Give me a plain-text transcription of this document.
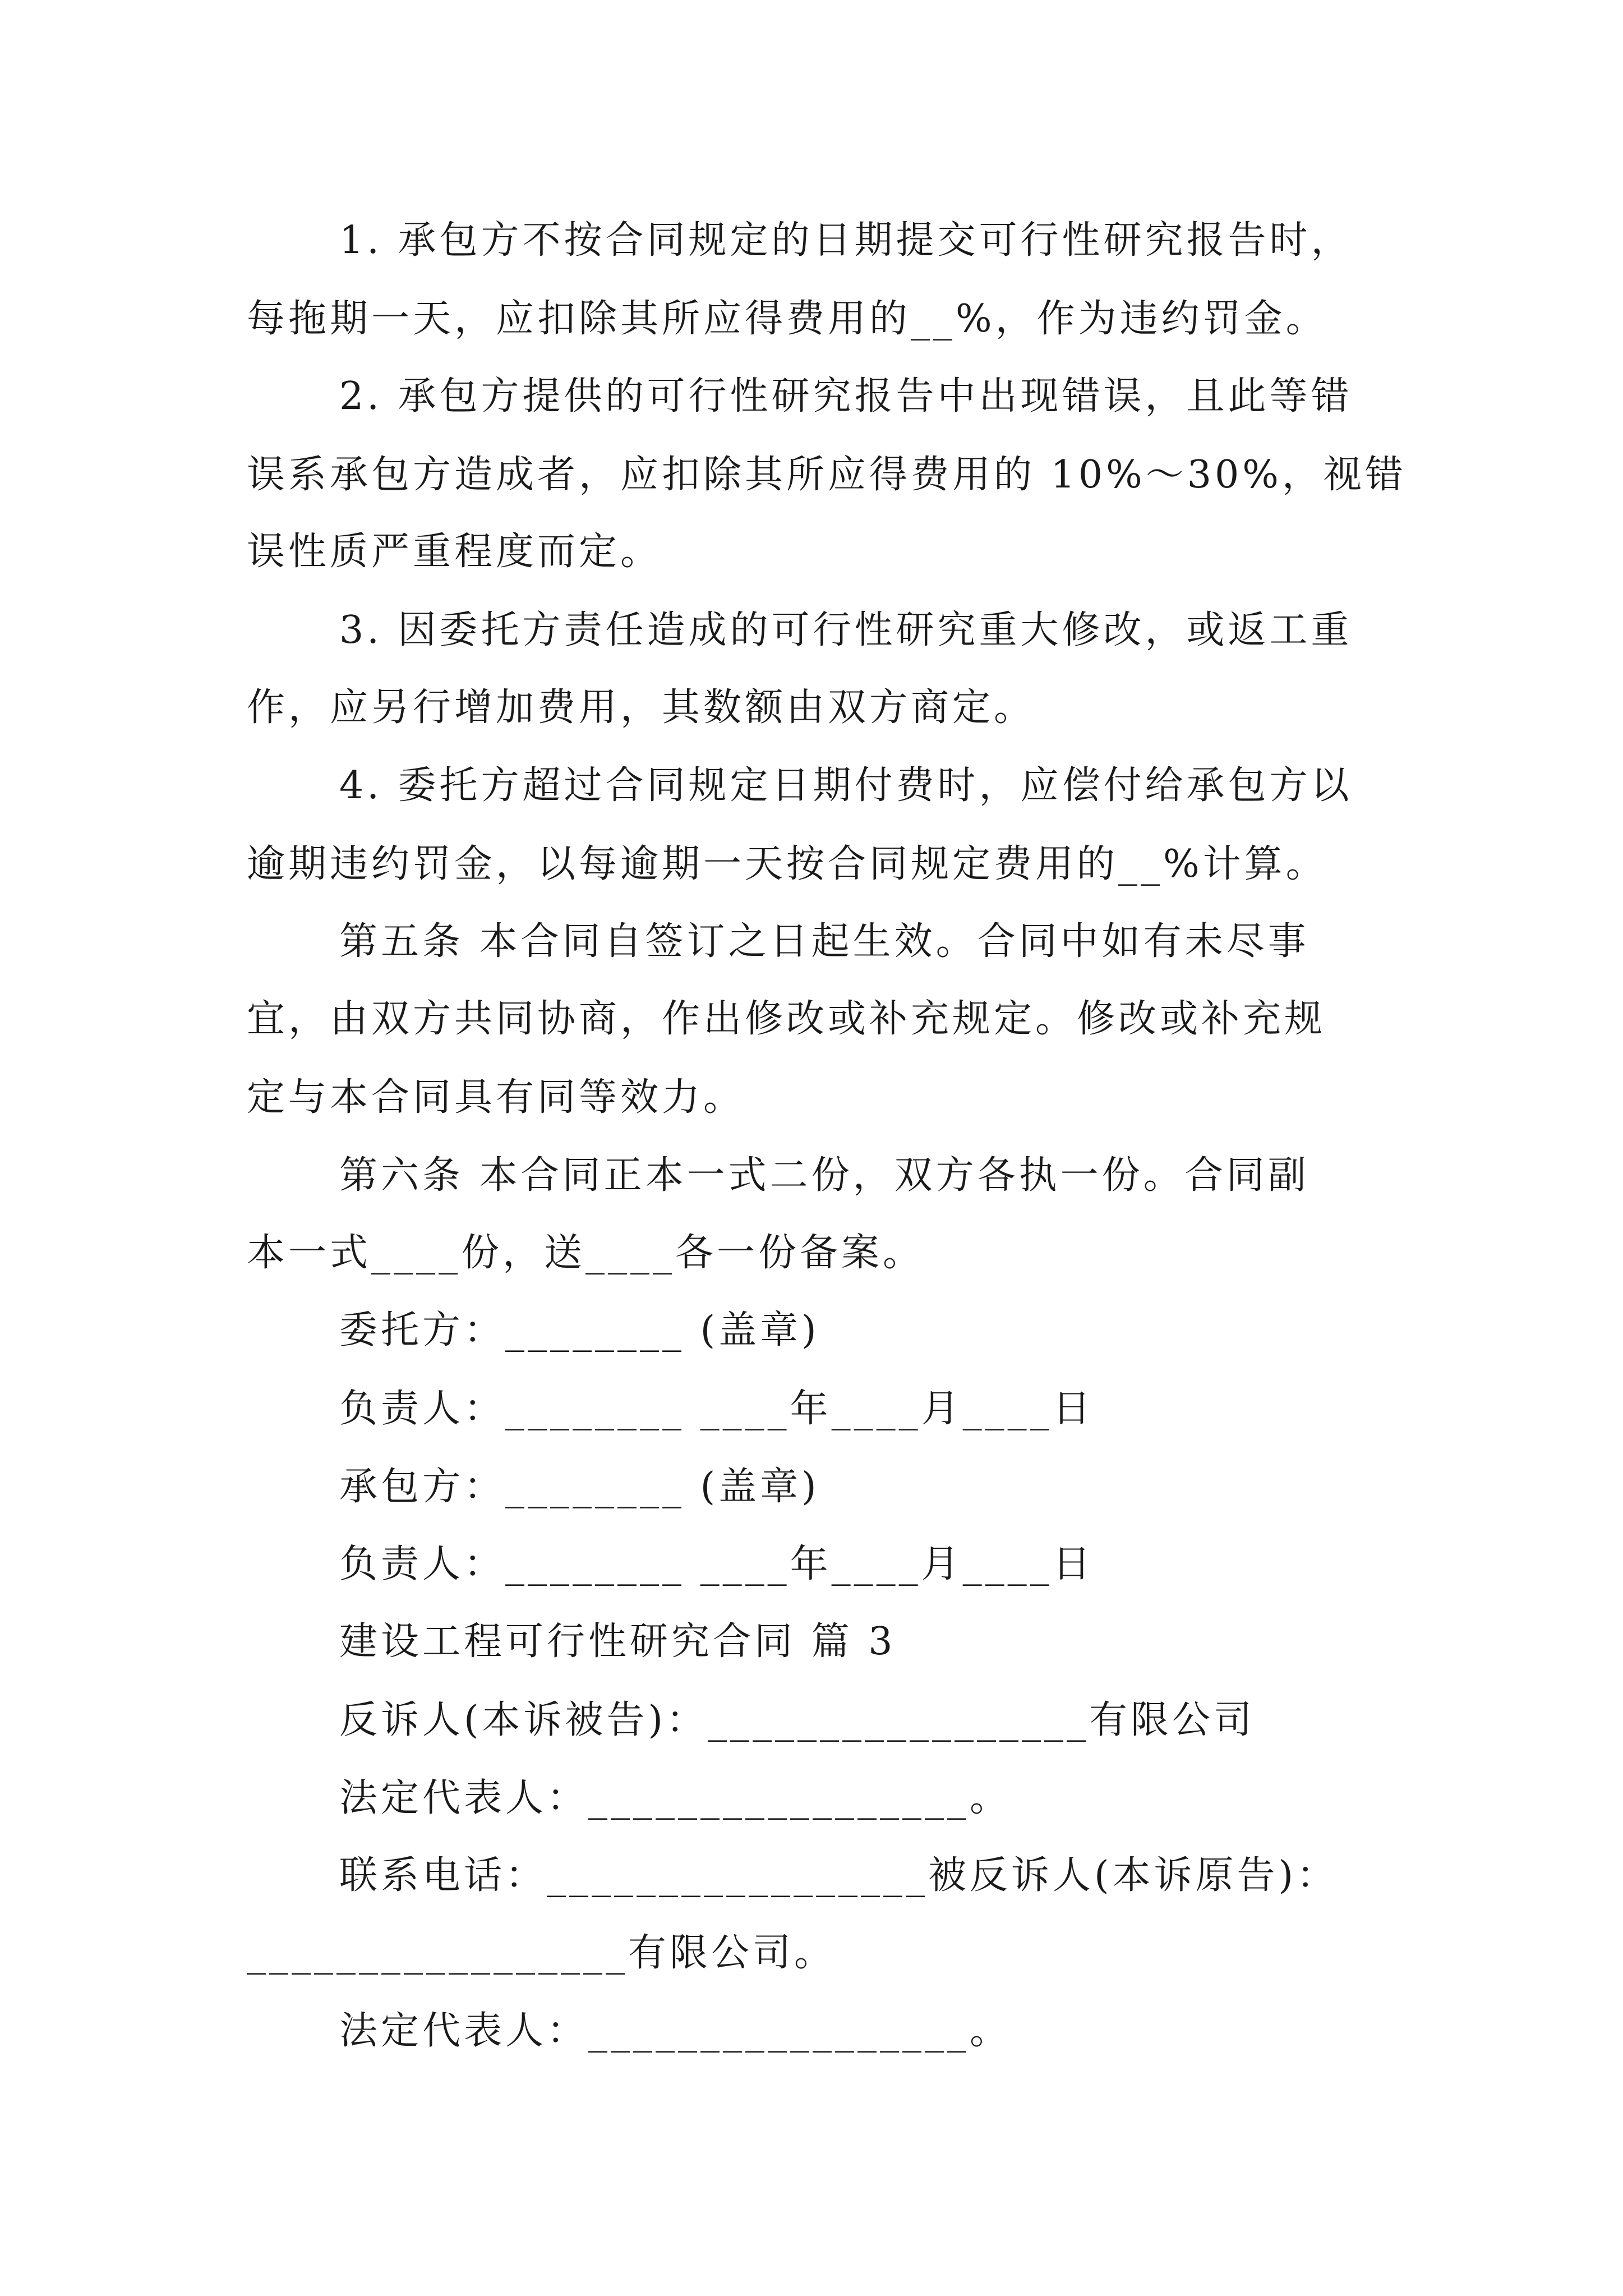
1. 承包方不按合同规定的日期提交可行性研究报告时，
每拖期一天，应扣除其所应得费用的__%，作为违约罚金。
2. 承包方提供的可行性研究报告中出现错误，且此等错
误系承包方造成者，应扣除其所应得费用的 10%～30%，视错
误性质严重程度而定。
3. 因委托方责任造成的可行性研究重大修改，或返工重
作，应另行增加费用，其数额由双方商定。
4. 委托方超过合同规定日期付费时，应偿付给承包方以
逾期违约罚金，以每逾期一天按合同规定费用的__%计算。
第五条 本合同自签订之日起生效。合同中如有未尽事
宜，由双方共同协商，作出修改或补充规定。修改或补充规
定与本合同具有同等效力。
第六条 本合同正本一式二份，双方各执一份。合同副
本一式____份，送____各一份备案。
委托方：________ (盖章)
负责人：________ ____年____月____日
承包方：________ (盖章)
负责人：________ ____年____月____日
建设工程可行性研究合同 篇 3
反诉人(本诉被告)：_________________有限公司
法定代表人：_________________。
联系电话：_________________被反诉人(本诉原告)：
_________________有限公司。
法定代表人：_________________。
